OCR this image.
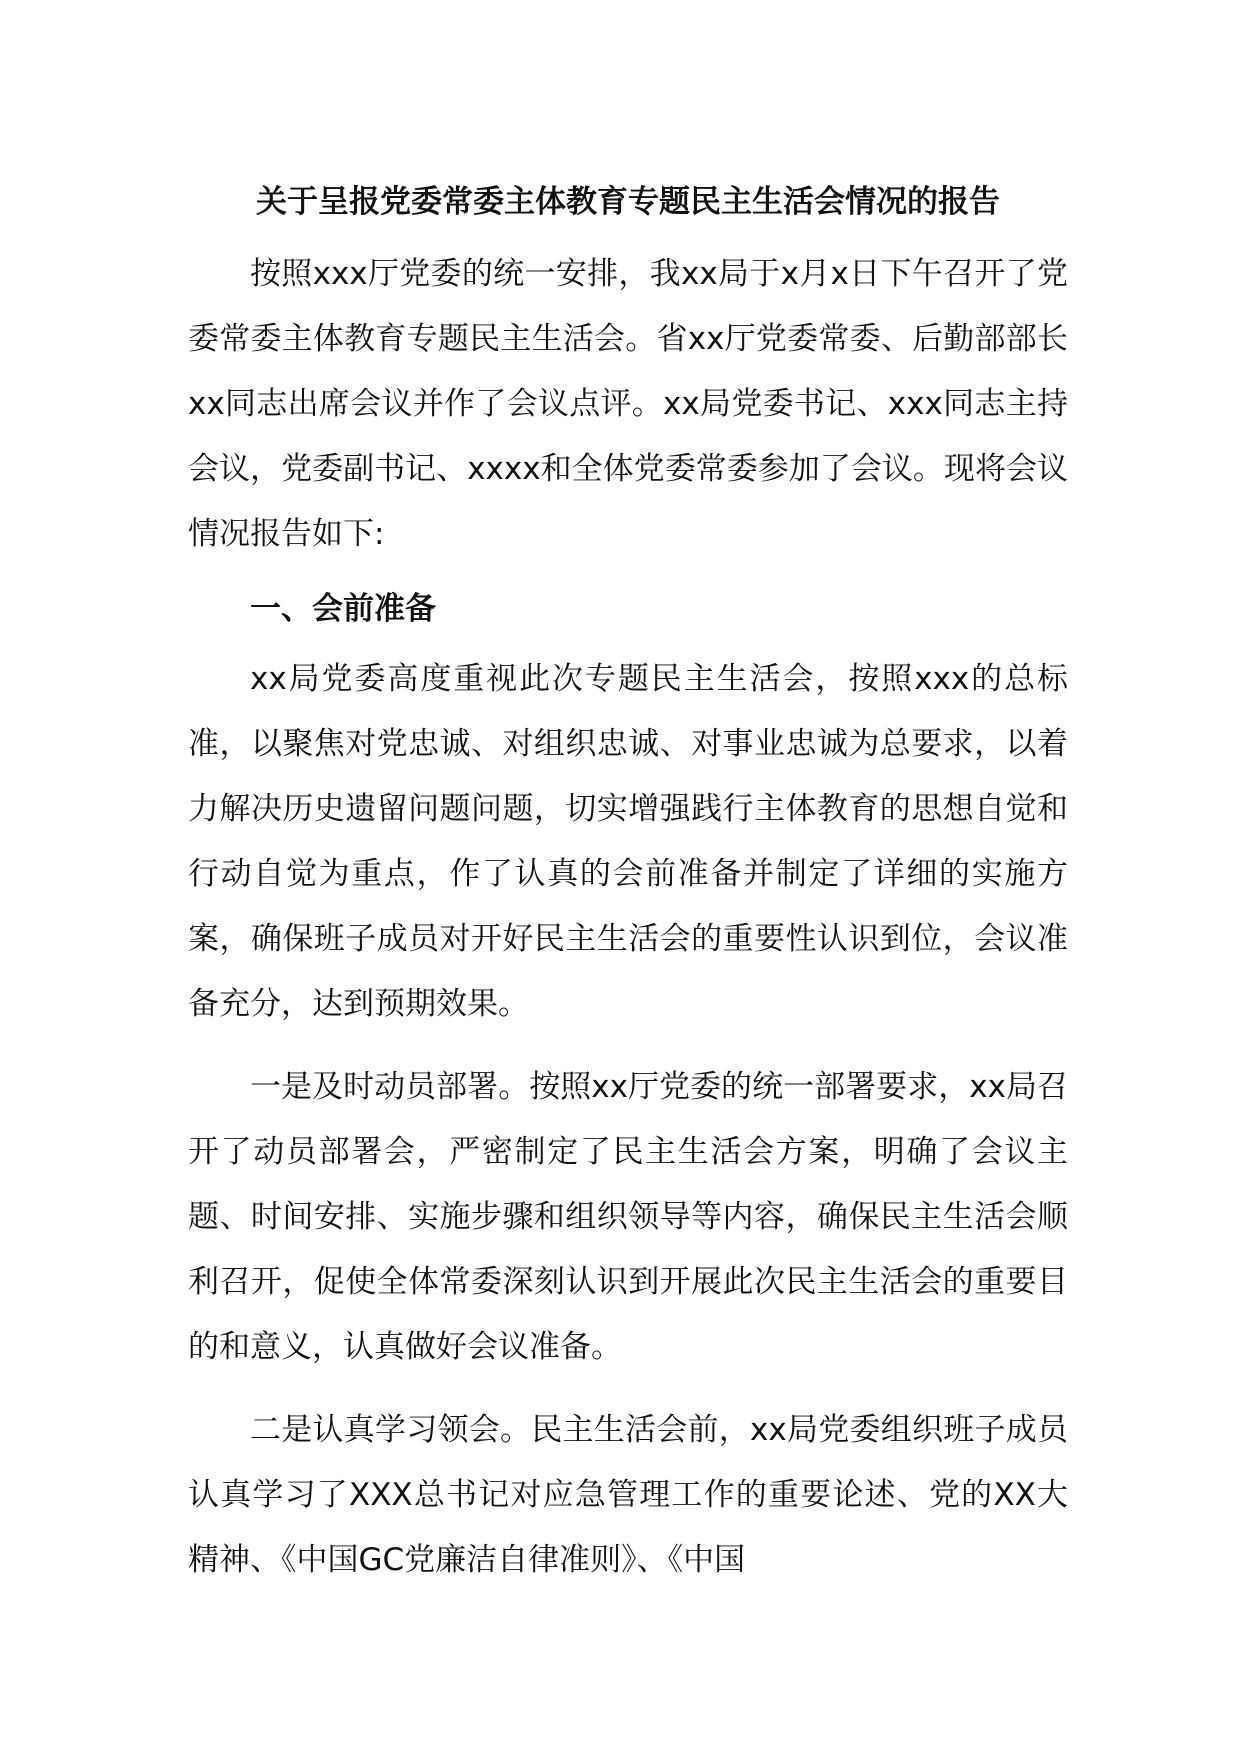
关于呈报党委常委主体教育专题民主生活会情况的报告

按照xxx厅党委的统一安排，我xx局于x月x日下午召开了党委常委主体教育专题民主生活会。省xx厅党委常委、后勤部部长xx同志出席会议并作了会议点评。xx局党委书记、xxx同志主持会议，党委副书记、xxxx和全体党委常委参加了会议。现将会议情况报告如下:

一、会前准备

xx局党委高度重视此次专题民主生活会，按照xxx的总标准，以聚焦对党忠诚、对组织忠诚、对事业忠诚为总要求，以着力解决历史遗留问题问题，切实增强践行主体教育的思想自觉和行动自觉为重点，作了认真的会前准备并制定了详细的实施方案，确保班子成员对开好民主生活会的重要性认识到位，会议准备充分，达到预期效果。

一是及时动员部署。按照xx厅党委的统一部署要求，xx局召开了动员部署会，严密制定了民主生活会方案，明确了会议主题、时间安排、实施步骤和组织领导等内容，确保民主生活会顺利召开，促使全体常委深刻认识到开展此次民主生活会的重要目的和意义，认真做好会议准备。

二是认真学习领会。民主生活会前，xx局党委组织班子成员认真学习了XXX总书记对应急管理工作的重要论述、党的XX大精神、《中国GC党廉洁自律准则》、《中国
